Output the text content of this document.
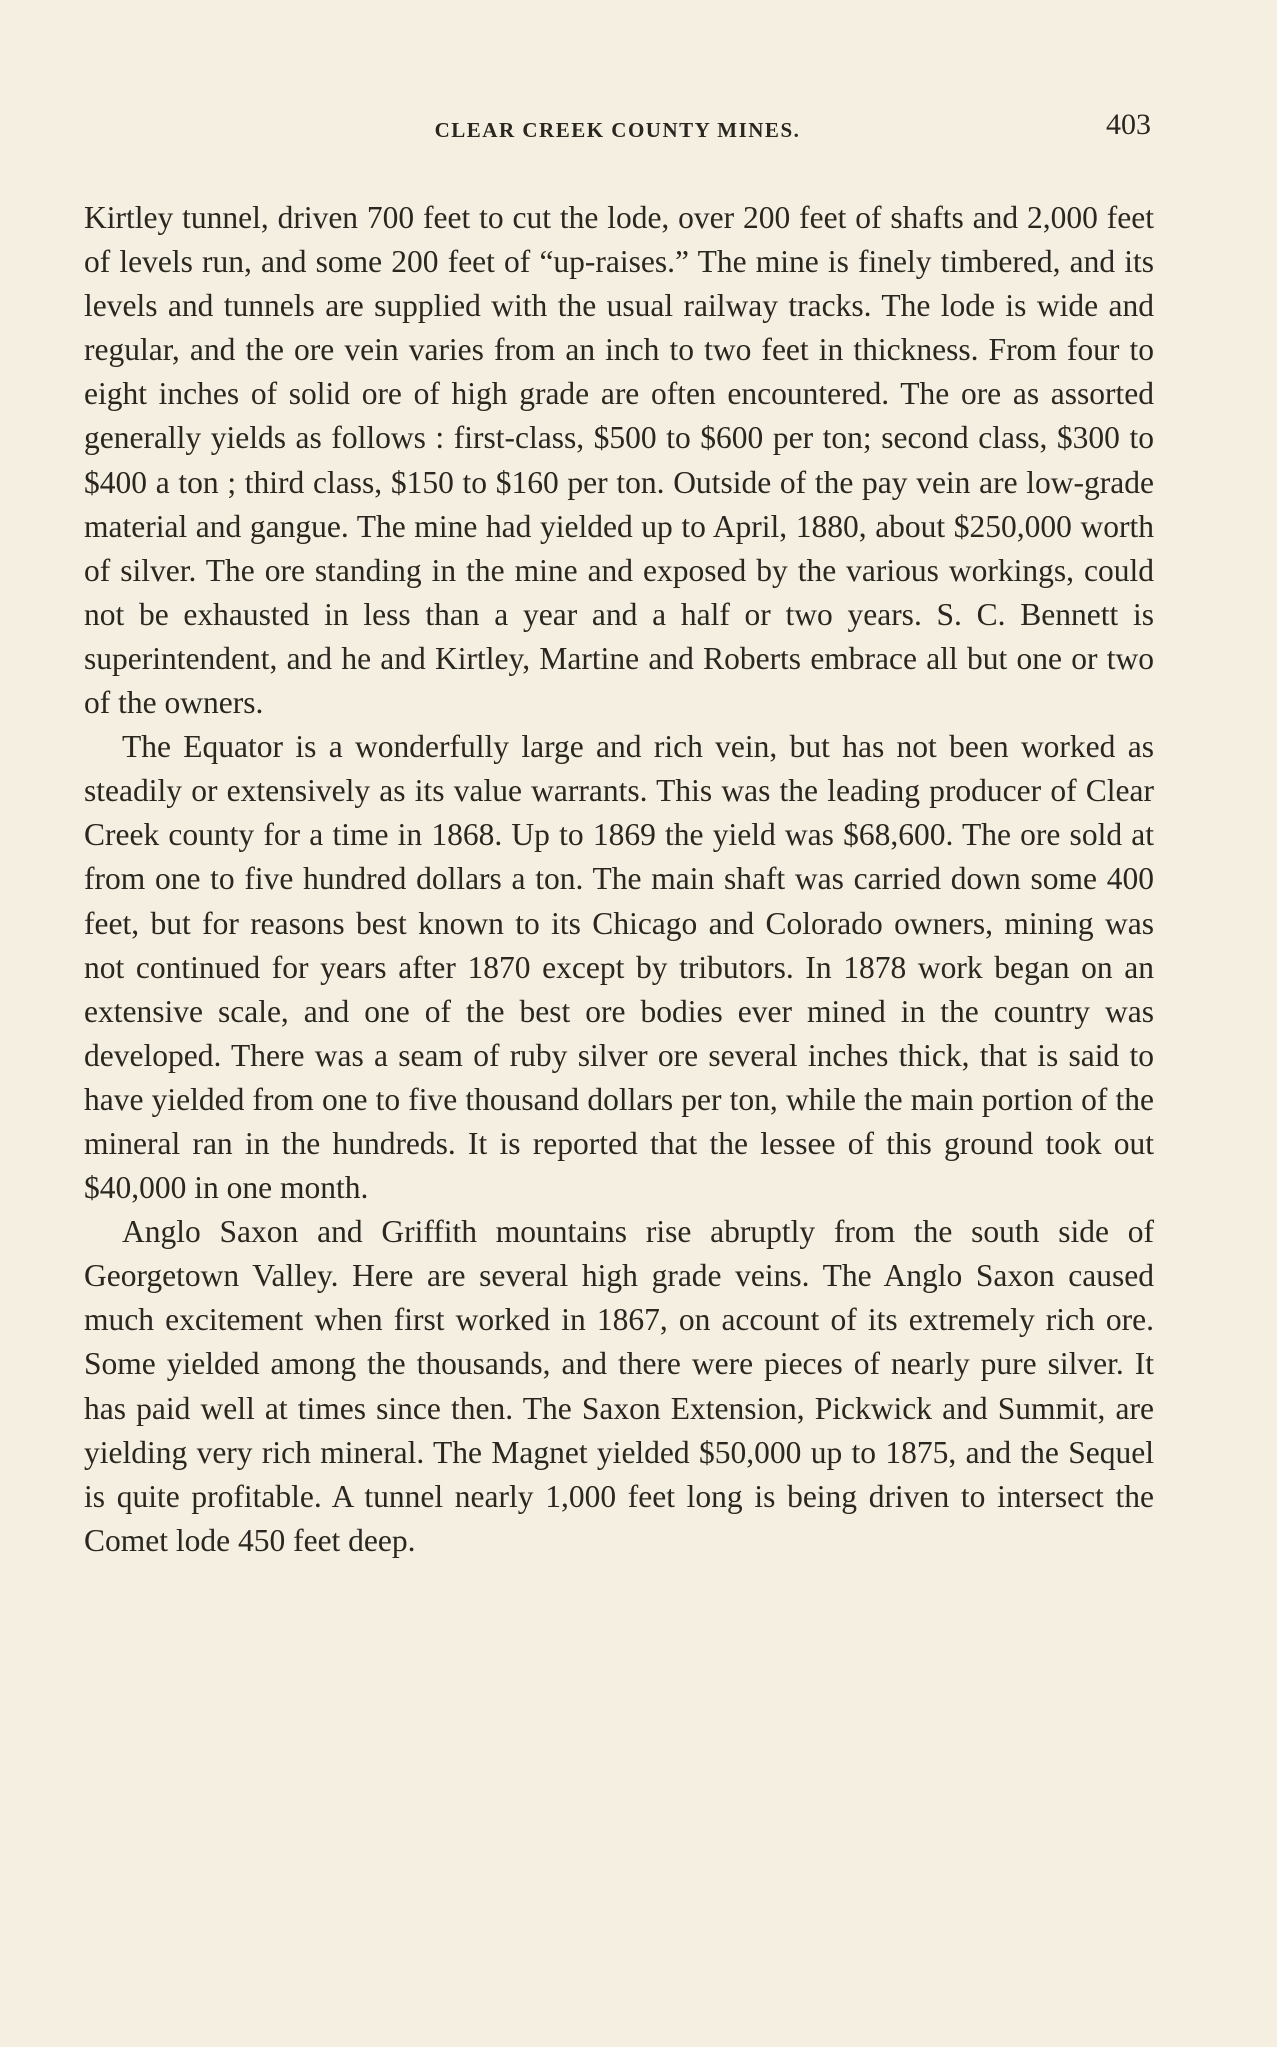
CLEAR CREEK COUNTY MINES.	403

Kirtley tunnel, driven 700 feet to cut the lode, over 200 feet of shafts and 2,000 feet of levels run, and some 200 feet of “up-raises.” The mine is finely timbered, and its levels and tunnels are supplied with the usual railway tracks. The lode is wide and regular, and the ore vein varies from an inch to two feet in thickness. From four to eight inches of solid ore of high grade are often encountered. The ore as assorted generally yields as follows : first-class, $500 to $600 per ton; second class, $300 to $400 a ton ; third class, $150 to $160 per ton. Outside of the pay vein are low-grade material and gangue. The mine had yielded up to April, 1880, about $250,000 worth of silver. The ore standing in the mine and exposed by the various workings, could not be exhausted in less than a year and a half or two years. S. C. Bennett is superintendent, and he and Kirtley, Martine and Roberts embrace all but one or two of the owners.

The Equator is a wonderfully large and rich vein, but has not been worked as steadily or extensively as its value warrants. This was the leading producer of Clear Creek county for a time in 1868. Up to 1869 the yield was $68,600. The ore sold at from one to five hundred dollars a ton. The main shaft was carried down some 400 feet, but for reasons best known to its Chicago and Colorado owners, mining was not continued for years after 1870 except by tributors. In 1878 work began on an extensive scale, and one of the best ore bodies ever mined in the country was developed. There was a seam of ruby silver ore several inches thick, that is said to have yielded from one to five thousand dollars per ton, while the main portion of the mineral ran in the hundreds. It is reported that the lessee of this ground took out $40,000 in one month.

Anglo Saxon and Griffith mountains rise abruptly from the south side of Georgetown Valley. Here are several high grade veins. The Anglo Saxon caused much excitement when first worked in 1867, on account of its extremely rich ore. Some yielded among the thousands, and there were pieces of nearly pure silver. It has paid well at times since then. The Saxon Extension, Pickwick and Summit, are yielding very rich mineral. The Magnet yielded $50,000 up to 1875, and the Sequel is quite profitable. A tunnel nearly 1,000 feet long is being driven to intersect the Comet lode 450 feet deep.
